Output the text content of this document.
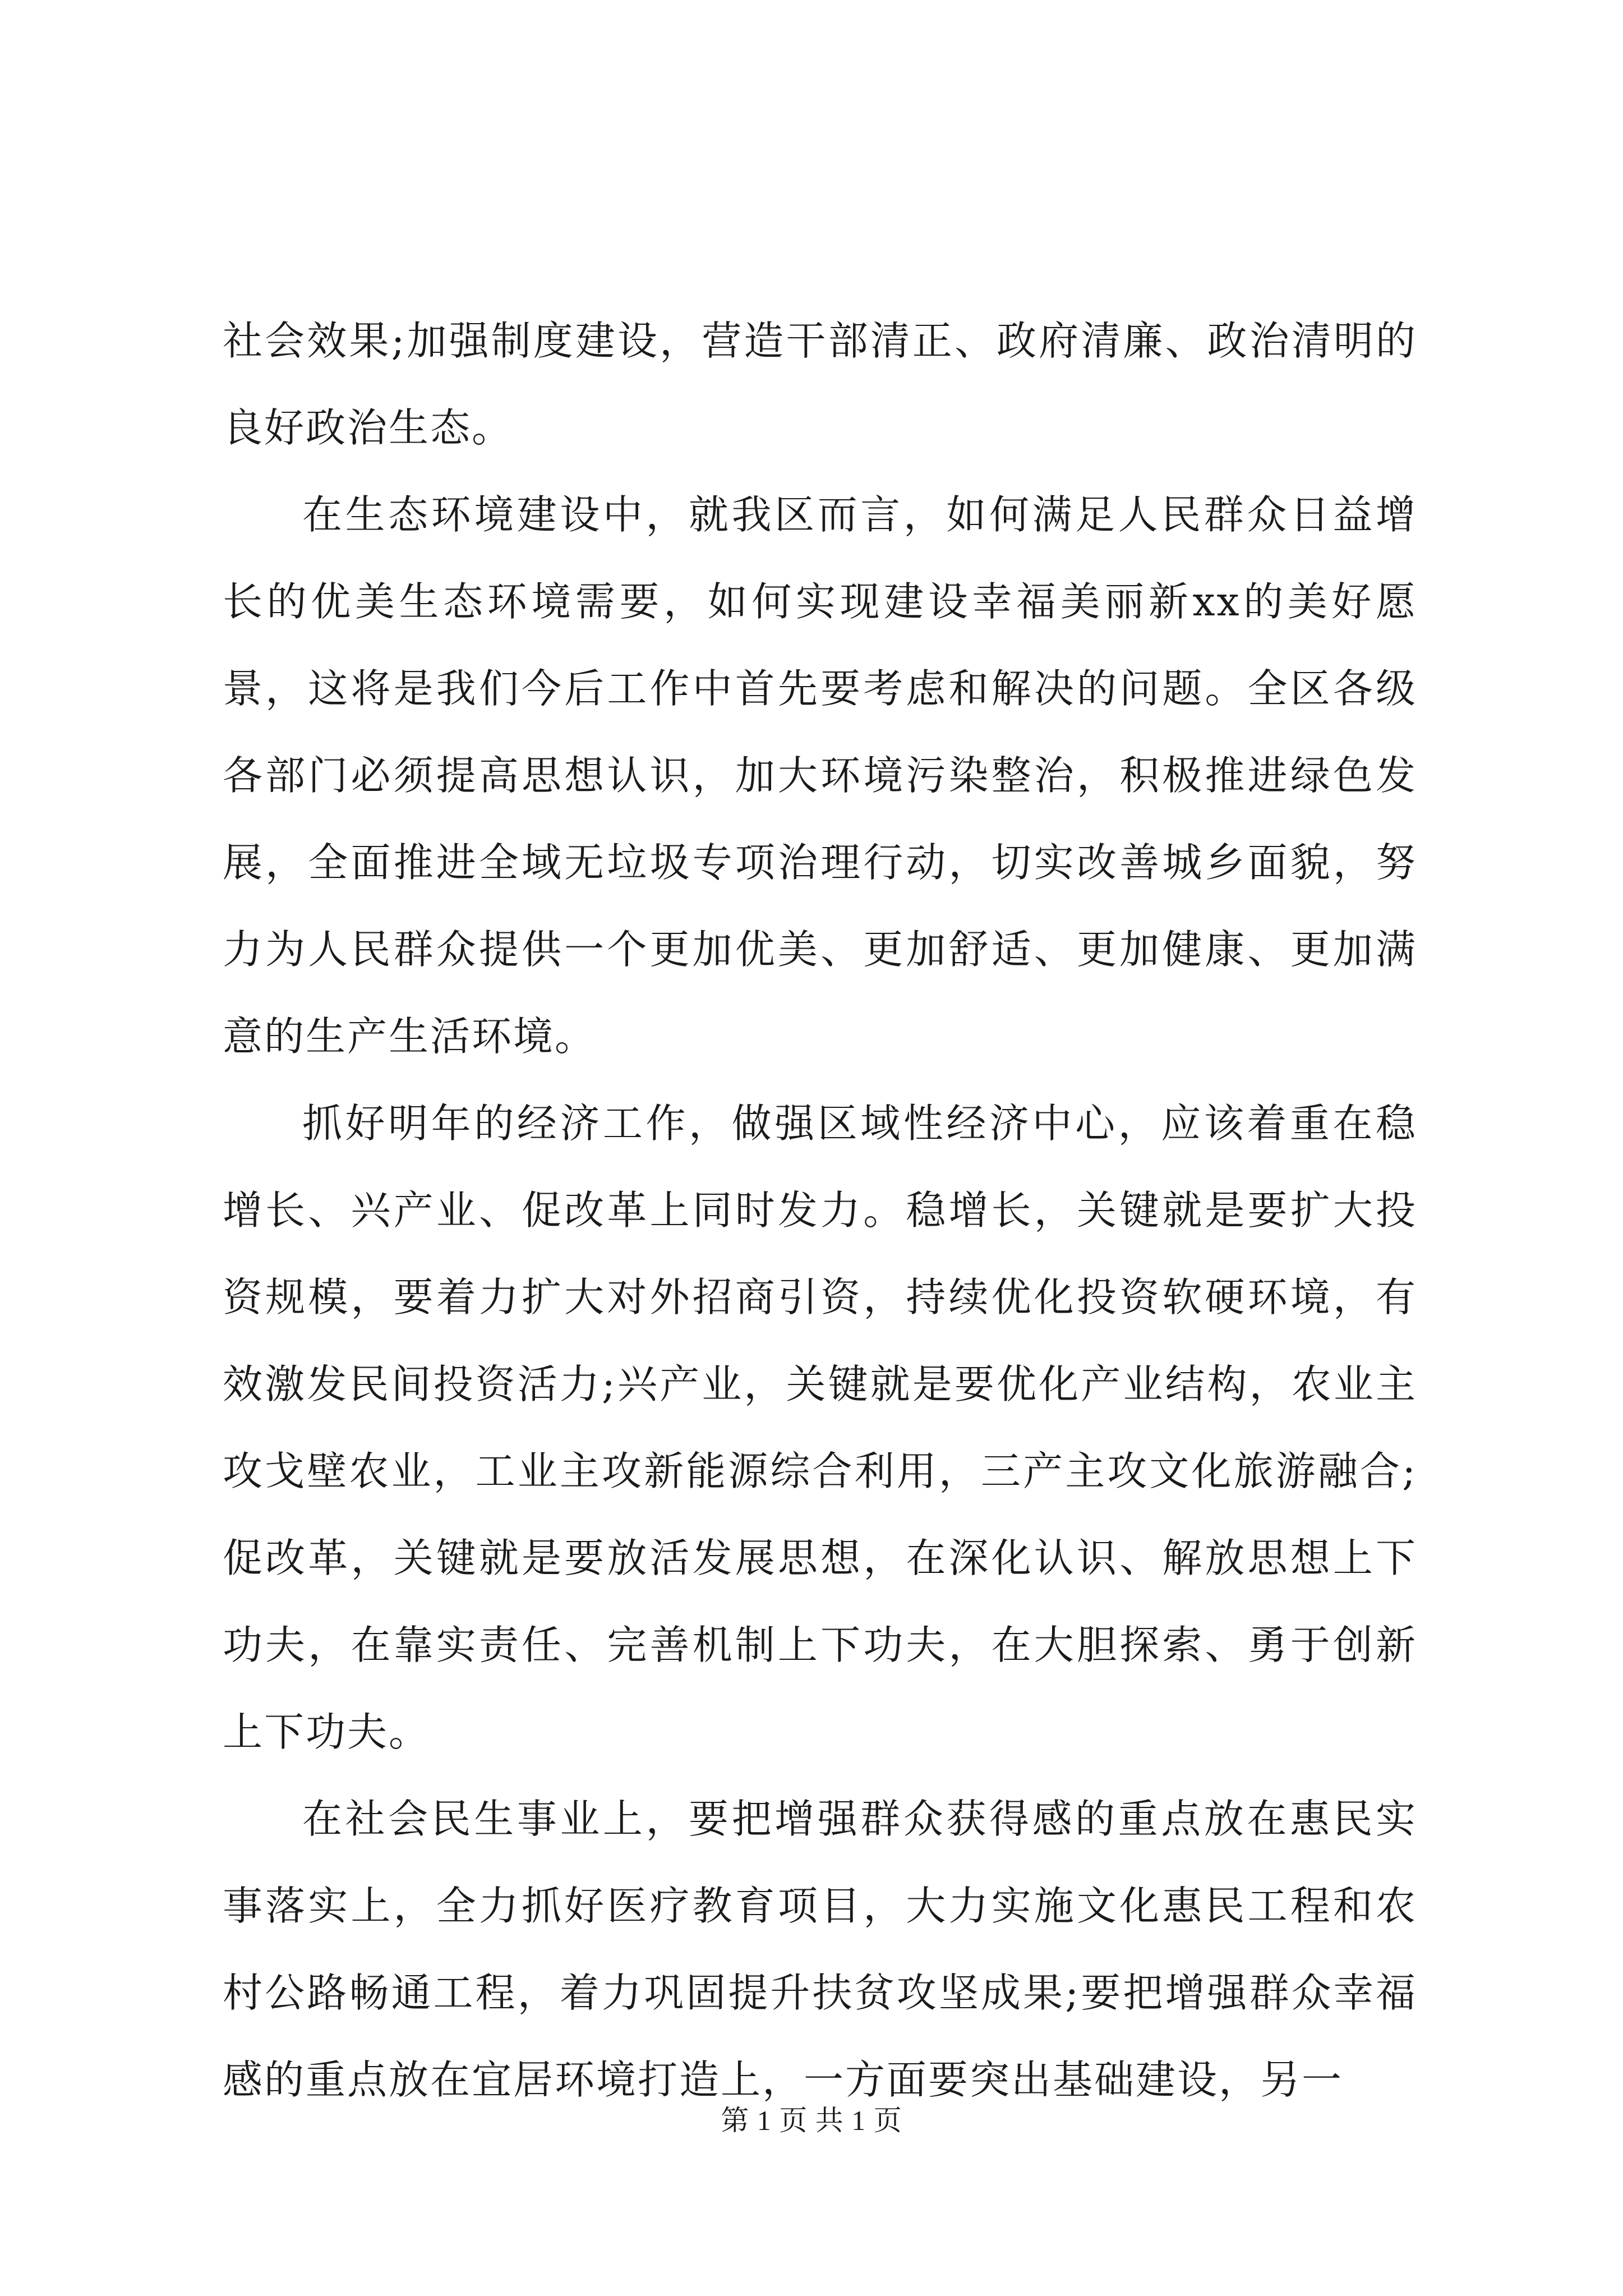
社会效果;加强制度建设，营造干部清正、政府清廉、政治清明的良好政治生态。

在生态环境建设中，就我区而言，如何满足人民群众日益增长的优美生态环境需要，如何实现建设幸福美丽新xx的美好愿景，这将是我们今后工作中首先要考虑和解决的问题。全区各级各部门必须提高思想认识，加大环境污染整治，积极推进绿色发展，全面推进全域无垃圾专项治理行动，切实改善城乡面貌，努力为人民群众提供一个更加优美、更加舒适、更加健康、更加满意的生产生活环境。

抓好明年的经济工作，做强区域性经济中心，应该着重在稳增长、兴产业、促改革上同时发力。稳增长，关键就是要扩大投资规模，要着力扩大对外招商引资，持续优化投资软硬环境，有效激发民间投资活力;兴产业，关键就是要优化产业结构，农业主攻戈壁农业，工业主攻新能源综合利用，三产主攻文化旅游融合;促改革，关键就是要放活发展思想，在深化认识、解放思想上下功夫，在靠实责任、完善机制上下功夫，在大胆探索、勇于创新上下功夫。

在社会民生事业上，要把增强群众获得感的重点放在惠民实事落实上，全力抓好医疗教育项目，大力实施文化惠民工程和农村公路畅通工程，着力巩固提升扶贫攻坚成果;要把增强群众幸福感的重点放在宜居环境打造上，一方面要突出基础建设，另一

第 1 页 共 1 页
